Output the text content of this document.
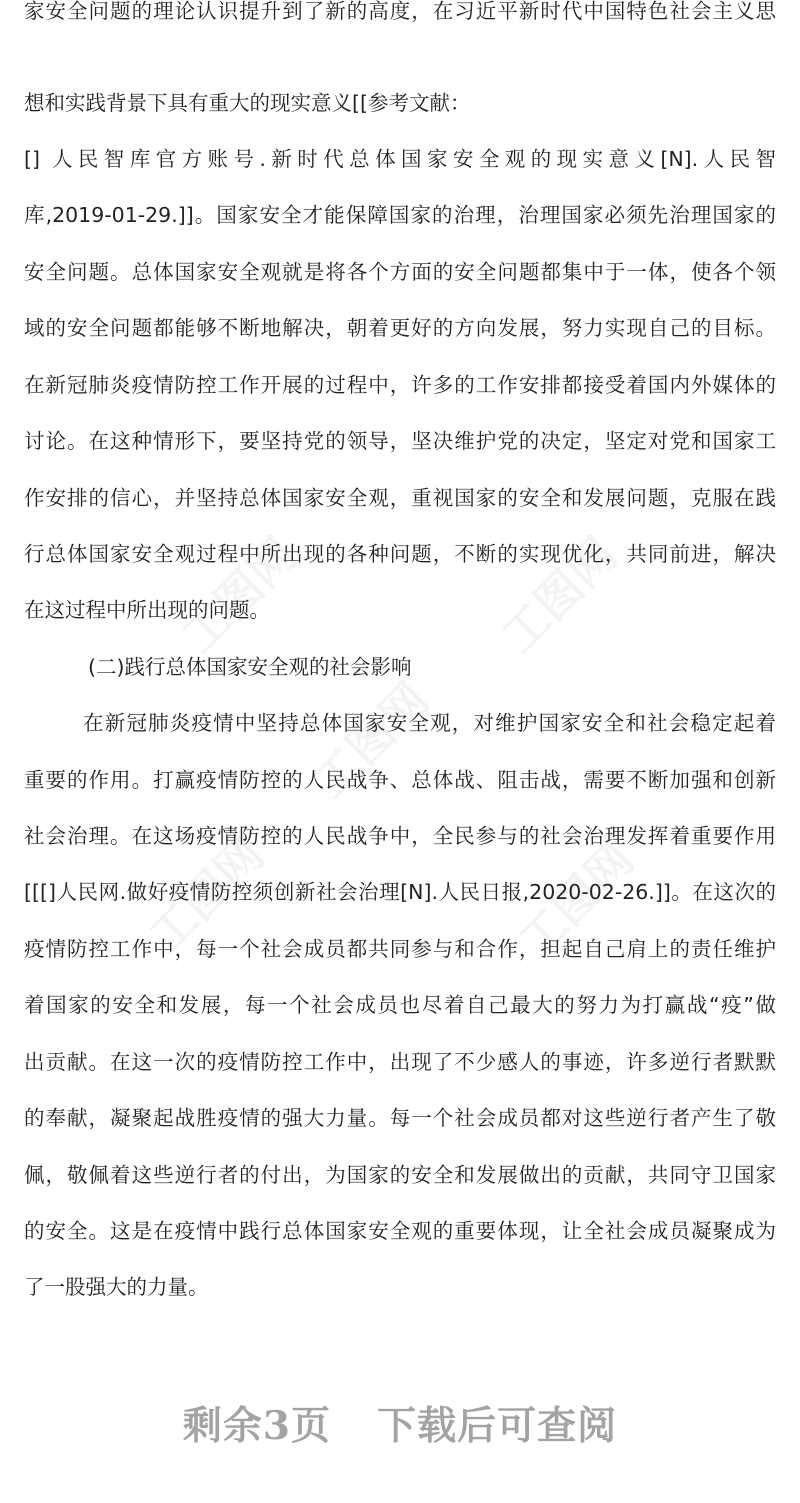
家安全问题的理论认识提升到了新的高度，在习近平新时代中国特色社会主义思
想和实践背景下具有重大的现实意义[[参考文献：
[] 人民智库官方账号.新时代总体国家安全观的现实意义[N].人民智
库,2019-01-29.]]。国家安全才能保障国家的治理，治理国家必须先治理国家的
安全问题。总体国家安全观就是将各个方面的安全问题都集中于一体，使各个领
域的安全问题都能够不断地解决，朝着更好的方向发展，努力实现自己的目标。
在新冠肺炎疫情防控工作开展的过程中，许多的工作安排都接受着国内外媒体的
讨论。在这种情形下，要坚持党的领导，坚决维护党的决定，坚定对党和国家工
作安排的信心，并坚持总体国家安全观，重视国家的安全和发展问题，克服在践
行总体国家安全观过程中所出现的各种问题，不断的实现优化，共同前进，解决
在这过程中所出现的问题。
(二)践行总体国家安全观的社会影响
在新冠肺炎疫情中坚持总体国家安全观，对维护国家安全和社会稳定起着
重要的作用。打赢疫情防控的人民战争、总体战、阻击战，需要不断加强和创新
社会治理。在这场疫情防控的人民战争中，全民参与的社会治理发挥着重要作用
[[[]人民网.做好疫情防控须创新社会治理[N].人民日报,2020-02-26.]]。在这次的
疫情防控工作中，每一个社会成员都共同参与和合作，担起自己肩上的责任维护
着国家的安全和发展，每一个社会成员也尽着自己最大的努力为打赢战“疫”做
出贡献。在这一次的疫情防控工作中，出现了不少感人的事迹，许多逆行者默默
的奉献，凝聚起战胜疫情的强大力量。每一个社会成员都对这些逆行者产生了敬
佩，敬佩着这些逆行者的付出，为国家的安全和发展做出的贡献，共同守卫国家
的安全。这是在疫情中践行总体国家安全观的重要体现，让全社会成员凝聚成为
了一股强大的力量。
剩余3页 下载后可查阅
